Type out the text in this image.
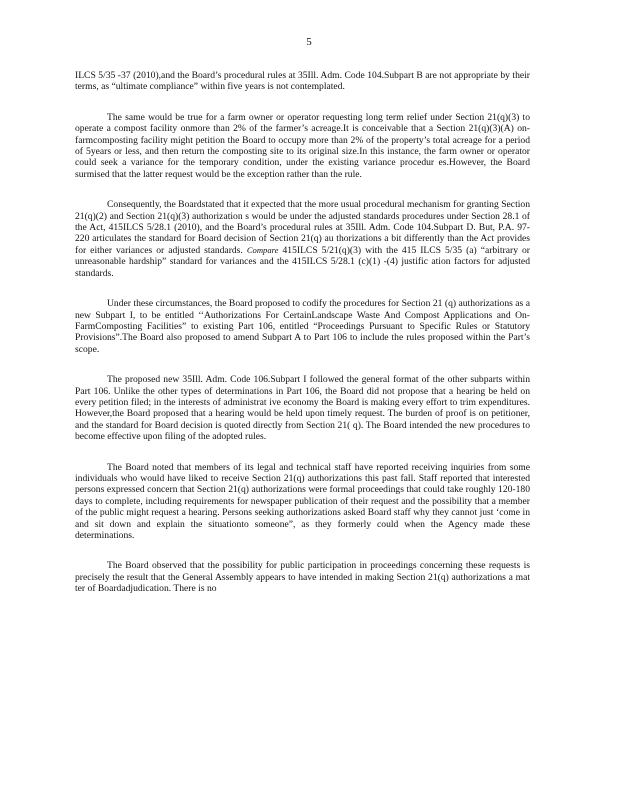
5

ILCS 5/35 -37 (2010),and the Board’s procedural rules at 35Ill. Adm. Code 104.Subpart B are not appropriate by their terms, as “ultimate compliance” within five years is not contemplated.

The same would be true for a farm owner or operator requesting long term relief under Section 21(q)(3) to operate a compost facility onmore than 2% of the farmer’s acreage.It is conceivable that a Section 21(q)(3)(A) on-farmcomposting facility might petition the Board to occupy more than 2% of the property’s total acreage for a period of 5years or less, and then return the composting site to its original size.In this instance, the farm owner or operator could seek a variance for the temporary condition, under the existing variance procedur es.However, the Board surmised that the latter request would be the exception rather than the rule.

Consequently, the Boardstated that it expected that the more usual procedural mechanism for granting Section 21(q)(2) and Section 21(q)(3) authorization s would be under the adjusted standards procedures under Section 28.1 of the Act, 415ILCS 5/28.1 (2010), and the Board’s procedural rules at 35Ill. Adm. Code 104.Subpart D. But, P.A. 97-220 articulates the standard for Board decision of Section 21(q) au thorizations a bit differently than the Act provides for either variances or adjusted standards. Compare 415ILCS 5/21(q)(3) with the 415 ILCS 5/35 (a) “arbitrary or unreasonable hardship” standard for variances and the 415ILCS 5/28.1 (c)(1) -(4) justific ation factors for adjusted standards.

Under these circumstances, the Board proposed to codify the procedures for Section 21 (q) authorizations as a new Subpart I, to be entitled ‘‘Authorizations For CertainLandscape Waste And Compost Applications and On-FarmComposting Facilities” to existing Part 106, entitled “Proceedings Pursuant to Specific Rules or Statutory Provisions”.The Board also proposed to amend Subpart A to Part 106 to include the rules proposed within the Part’s scope.

The proposed new 35Ill. Adm. Code 106.Subpart I followed the general format of the other subparts within Part 106. Unlike the other types of determinations in Part 106, the Board did not propose that a hearing be held on every petition filed; in the interests of administrat ive economy the Board is making every effort to trim expenditures. However,the Board proposed that a hearing would be held upon timely request. The burden of proof is on petitioner, and the standard for Board decision is quoted directly from Section 21( q). The Board intended the new procedures to become effective upon filing of the adopted rules.

The Board noted that members of its legal and technical staff have reported receiving inquiries from some individuals who would have liked to receive Section 21(q) authorizations this past fall. Staff reported that interested persons expressed concern that Section 21(q) authorizations were formal proceedings that could take roughly 120-180 days to complete, including requirements for newspaper publication of their request and the possibility that a member of the public might request a hearing. Persons seeking authorizations asked Board staff why they cannot just ‘come in and sit down and explain the situationto someone”, as they formerly could when the Agency made these determinations.

The Board observed that the possibility for public participation in proceedings concerning these requests is precisely the result that the General Assembly appears to have intended in making Section 21(q) authorizations a mat ter of Boardadjudication. There is no
